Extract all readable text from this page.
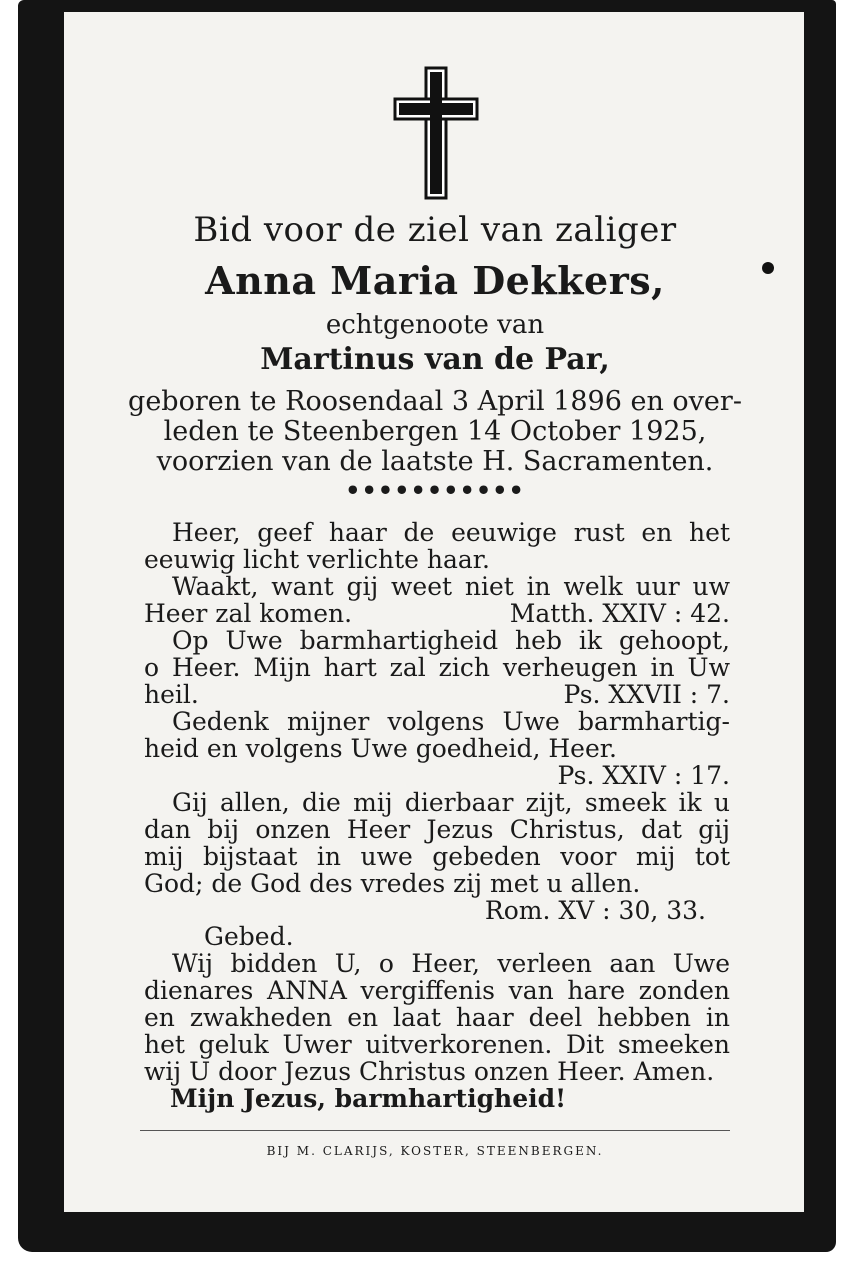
Bid voor de ziel van zaliger
Anna Maria Dekkers,
echtgenoote van
Martinus van de Par,
geboren te Roosendaal 3 April 1896 en over-
leden te Steenbergen 14 October 1925,
voorzien van de laatste H. Sacramenten.
•••••••••••
Heer, geef haar de eeuwige rust en het
eeuwig licht verlichte haar.
Waakt, want gij weet niet in welk uur uw
Heer zal komen.	Matth. XXIV : 42.
Op Uwe barmhartigheid heb ik gehoopt,
o Heer. Mijn hart zal zich verheugen in Uw
heil.	Ps. XXVII : 7.
Gedenk mijner volgens Uwe barmhartig-
heid en volgens Uwe goedheid, Heer.
Ps. XXIV : 17.
Gij allen, die mij dierbaar zijt, smeek ik u
dan bij onzen Heer Jezus Christus, dat gij
mij bijstaat in uwe gebeden voor mij tot
God; de God des vredes zij met u allen.
Rom. XV : 30, 33.
Gebed.
Wij bidden U, o Heer, verleen aan Uwe
dienares ANNA vergiffenis van hare zonden
en zwakheden en laat haar deel hebben in
het geluk Uwer uitverkorenen. Dit smeeken
wij U door Jezus Christus onzen Heer. Amen.
Mijn Jezus, barmhartigheid!
BIJ M. CLARIJS, KOSTER, STEENBERGEN.
